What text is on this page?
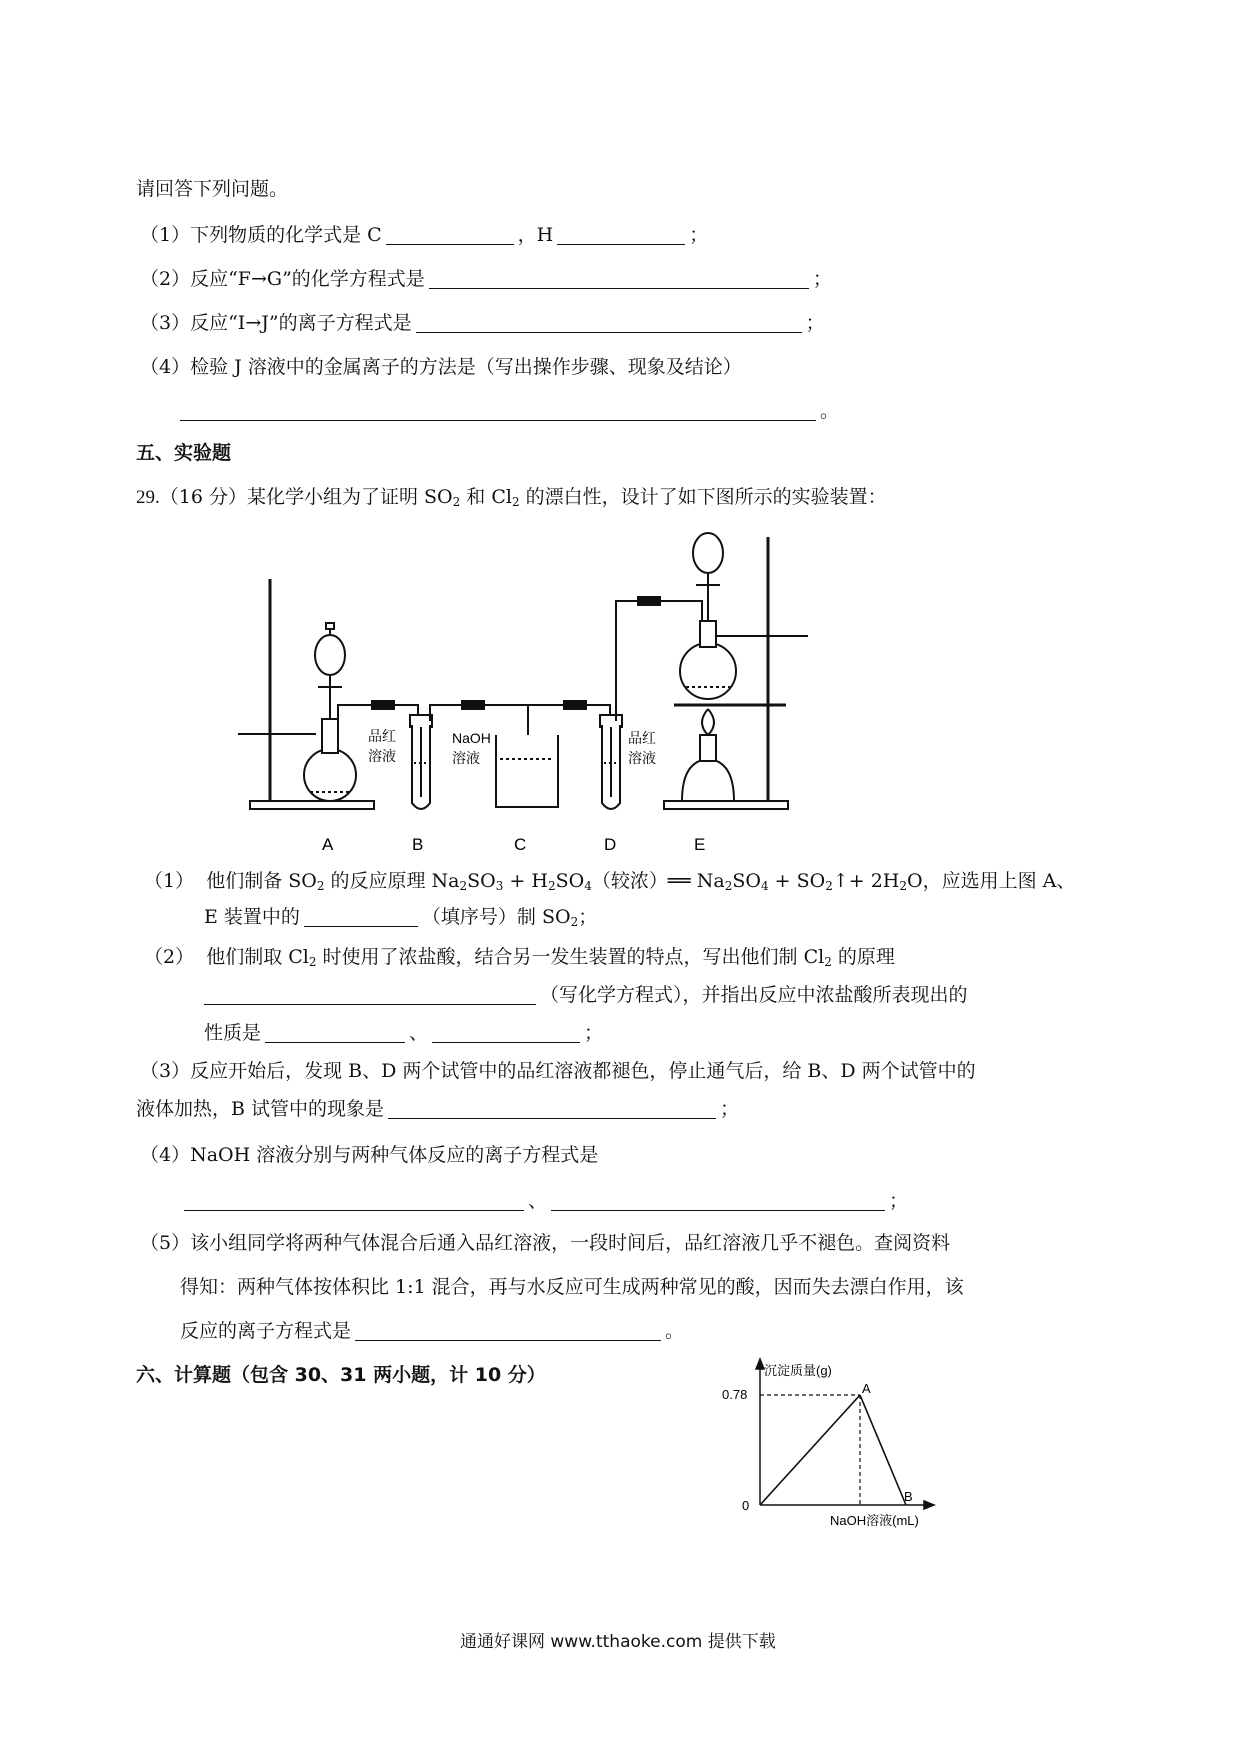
请回答下列问题。
（1）下列物质的化学式是 C	，H	；
（2）反应“F→G”的化学方程式是	；
（3）反应“I→J”的离子方程式是	；
（4）检验 J 溶液中的金属离子的方法是（写出操作步骤、现象及结论）
。
五、实验题
29.（16 分）某化学小组为了证明 $SO_2$ 和 $Cl_2$ 的漂白性，设计了如下图所示的实验装置：
品红
溶液
NaOH
溶液
品红
溶液
A	B	C	D	E
（1） 他们制备 $SO_2$ 的反应原理 $Na_2SO_3 + H_2SO_4$（较浓）══ $Na_2SO_4$ + $SO_2↑+ 2H_2O$，应选用上图 A、
E 装置中的	（填序号）制 $SO_2$；
（2） 他们制取 $Cl_2$ 时使用了浓盐酸，结合另一发生装置的特点，写出他们制 $Cl_2$ 的原理
（写化学方程式），并指出反应中浓盐酸所表现出的
性质是	、	；
（3）反应开始后，发现 B、D 两个试管中的品红溶液都褪色，停止通气后，给 B、D 两个试管中的
液体加热，B 试管中的现象是	；
（4）NaOH 溶液分别与两种气体反应的离子方程式是
、	；
（5）该小组同学将两种气体混合后通入品红溶液，一段时间后，品红溶液几乎不褪色。查阅资料
得知：两种气体按体积比 1:1 混合，再与水反应可生成两种常见的酸，因而失去漂白作用，该
反应的离子方程式是	。
六、计算题（包含 30、31 两小题，计 10 分）	沉淀质量(g)
0.78
0
A
B
NaOH溶液(mL)
通通好课网 www.tthaoke.com 提供下载
